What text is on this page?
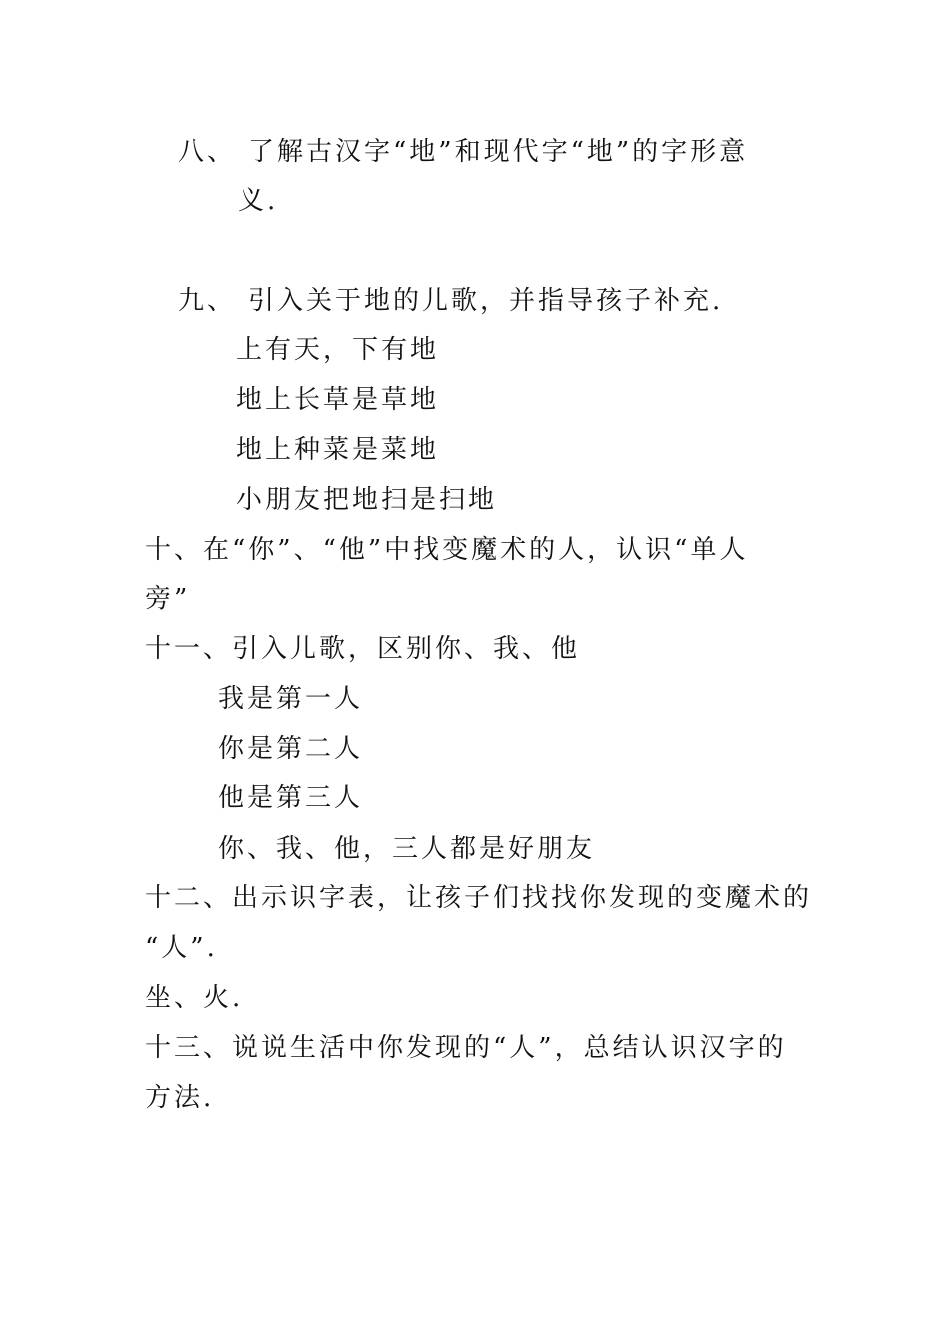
八、 了解古汉字“地”和现代字“地”的字形意
义.
九、 引入关于地的儿歌，并指导孩子补充.
上有天，下有地
地上长草是草地
地上种菜是菜地
小朋友把地扫是扫地
十、在“你”、“他”中找变魔术的人，认识“单人
旁”
十一、引入儿歌，区别你、我、他
我是第一人
你是第二人
他是第三人
你、我、他，三人都是好朋友
十二、出示识字表，让孩子们找找你发现的变魔术的
“人”.
坐、火.
十三、说说生活中你发现的“人”，总结认识汉字的
方法.
